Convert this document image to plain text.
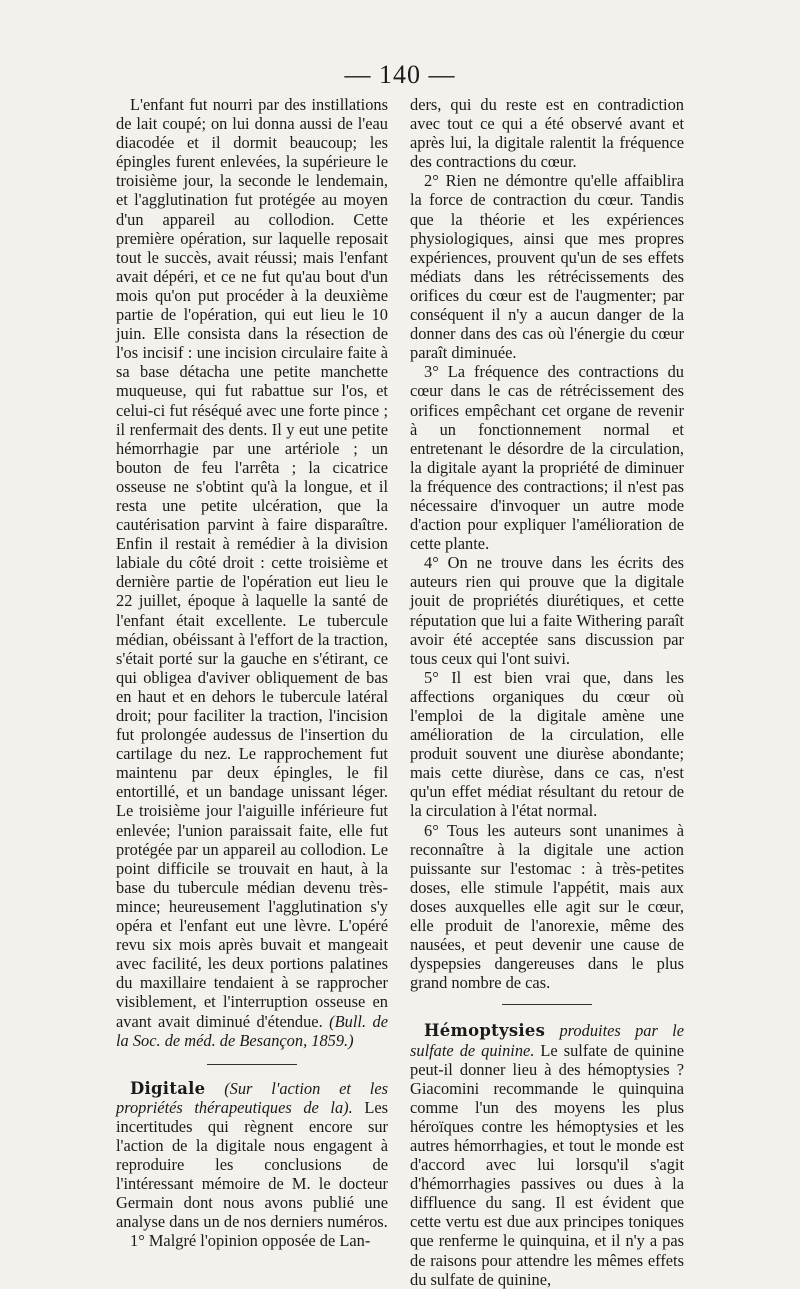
— 140 —

L'enfant fut nourri par des instillations de lait coupé; on lui donna aussi de l'eau diacodée et il dormit beaucoup; les épingles furent enlevées, la supérieure le troisième jour, la seconde le lendemain, et l'agglutination fut protégée au moyen d'un appareil au collodion. Cette première opération, sur laquelle reposait tout le succès, avait réussi; mais l'enfant avait dépéri, et ce ne fut qu'au bout d'un mois qu'on put procéder à la deuxième partie de l'opération, qui eut lieu le 10 juin. Elle consista dans la résection de l'os incisif : une incision circulaire faite à sa base détacha une petite manchette muqueuse, qui fut rabattue sur l'os, et celui-ci fut réséqué avec une forte pince ; il renfermait des dents. Il y eut une petite hémorrhagie par une artériole ; un bouton de feu l'arrêta ; la cicatrice osseuse ne s'obtint qu'à la longue, et il resta une petite ulcération, que la cautérisation parvint à faire disparaître. Enfin il restait à remédier à la division labiale du côté droit : cette troisième et dernière partie de l'opération eut lieu le 22 juillet, époque à laquelle la santé de l'enfant était excellente. Le tubercule médian, obéissant à l'effort de la traction, s'était porté sur la gauche en s'étirant, ce qui obligea d'aviver obliquement de bas en haut et en dehors le tubercule latéral droit; pour faciliter la traction, l'incision fut prolongée audessus de l'insertion du cartilage du nez. Le rapprochement fut maintenu par deux épingles, le fil entortillé, et un bandage unissant léger. Le troisième jour l'aiguille inférieure fut enlevée; l'union paraissait faite, elle fut protégée par un appareil au collodion. Le point difficile se trouvait en haut, à la base du tubercule médian devenu très-mince; heureusement l'agglutination s'y opéra et l'enfant eut une lèvre. L'opéré revu six mois après buvait et mangeait avec facilité, les deux portions palatines du maxillaire tendaient à se rapprocher visiblement, et l'interruption osseuse en avant avait diminué d'étendue. (Bull. de la Soc. de méd. de Besançon, 1859.)

Digitale (Sur l'action et les propriétés thérapeutiques de la). Les incertitudes qui règnent encore sur l'action de la digitale nous engagent à reproduire les conclusions de l'intéressant mémoire de M. le docteur Germain dont nous avons publié une analyse dans un de nos derniers numéros.

1° Malgré l'opinion opposée de Lan-

ders, qui du reste est en contradiction avec tout ce qui a été observé avant et après lui, la digitale ralentit la fréquence des contractions du cœur.

2° Rien ne démontre qu'elle affaiblira la force de contraction du cœur. Tandis que la théorie et les expériences physiologiques, ainsi que mes propres expériences, prouvent qu'un de ses effets médiats dans les rétrécissements des orifices du cœur est de l'augmenter; par conséquent il n'y a aucun danger de la donner dans des cas où l'énergie du cœur paraît diminuée.

3° La fréquence des contractions du cœur dans le cas de rétrécissement des orifices empêchant cet organe de revenir à un fonctionnement normal et entretenant le désordre de la circulation, la digitale ayant la propriété de diminuer la fréquence des contractions; il n'est pas nécessaire d'invoquer un autre mode d'action pour expliquer l'amélioration de cette plante.

4° On ne trouve dans les écrits des auteurs rien qui prouve que la digitale jouit de propriétés diurétiques, et cette réputation que lui a faite Withering paraît avoir été acceptée sans discussion par tous ceux qui l'ont suivi.

5° Il est bien vrai que, dans les affections organiques du cœur où l'emploi de la digitale amène une amélioration de la circulation, elle produit souvent une diurèse abondante; mais cette diurèse, dans ce cas, n'est qu'un effet médiat résultant du retour de la circulation à l'état normal.

6° Tous les auteurs sont unanimes à reconnaître à la digitale une action puissante sur l'estomac : à très-petites doses, elle stimule l'appétit, mais aux doses auxquelles elle agit sur le cœur, elle produit de l'anorexie, même des nausées, et peut devenir une cause de dyspepsies dangereuses dans le plus grand nombre de cas.

Hémoptysies produites par le sulfate de quinine. Le sulfate de quinine peut-il donner lieu à des hémoptysies ? Giacomini recommande le quinquina comme l'un des moyens les plus héroïques contre les hémoptysies et les autres hémorrhagies, et tout le monde est d'accord avec lui lorsqu'il s'agit d'hémorrhagies passives ou dues à la diffluence du sang. Il est évident que cette vertu est due aux principes toniques que renferme le quinquina, et il n'y a pas de raisons pour attendre les mêmes effets du sulfate de quinine,
